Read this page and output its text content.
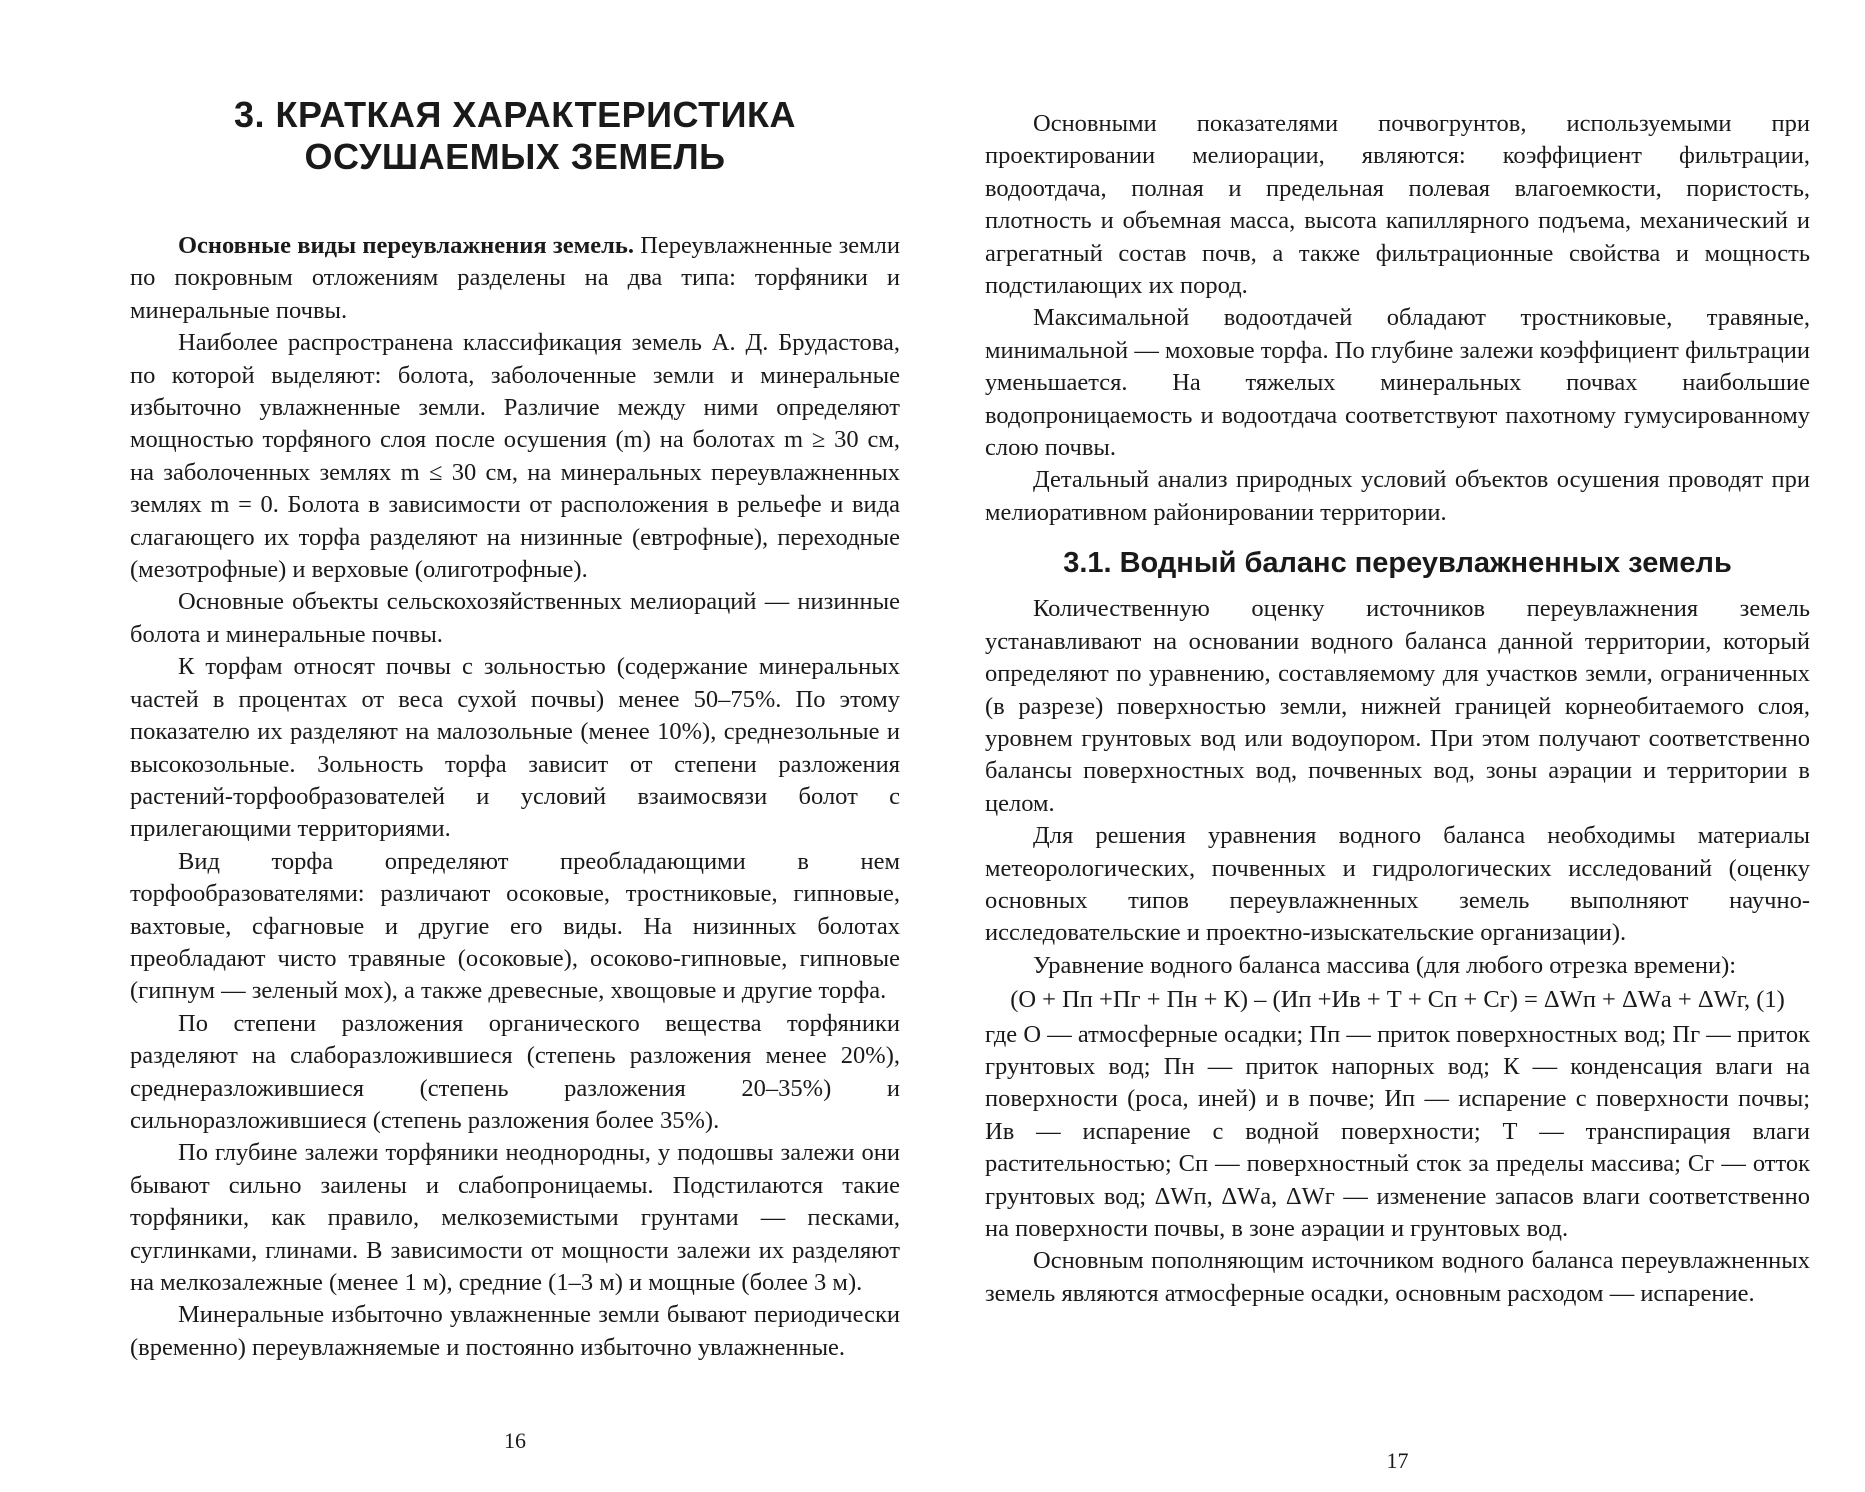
3. КРАТКАЯ ХАРАКТЕРИСТИКА
ОСУШАЕМЫХ ЗЕМЕЛЬ

Основные виды переувлажнения земель. Переувлажненные земли по покровным отложениям разделены на два типа: торфяники и минеральные почвы.

Наиболее распространена классификация земель А. Д. Брудастова, по которой выделяют: болота, заболоченные земли и минеральные избыточно увлажненные земли. Различие между ними определяют мощностью торфяного слоя после осушения (m) на болотах m ≥ 30 см, на заболоченных землях m ≤ 30 см, на минеральных переувлажненных землях m = 0. Болота в зависимости от расположения в рельефе и вида слагающего их торфа разделяют на низинные (евтрофные), переходные (мезотрофные) и верховые (олиготрофные).

Основные объекты сельскохозяйственных мелиораций — низинные болота и минеральные почвы.

К торфам относят почвы с зольностью (содержание минеральных частей в процентах от веса сухой почвы) менее 50–75%. По этому показателю их разделяют на малозольные (менее 10%), среднезольные и высокозольные. Зольность торфа зависит от степени разложения растений-торфообразователей и условий взаимосвязи болот с прилегающими территориями.

Вид торфа определяют преобладающими в нем торфообразователями: различают осоковые, тростниковые, гипновые, вахтовые, сфагновые и другие его виды. На низинных болотах преобладают чисто травяные (осоковые), осоково-гипновые, гипновые (гипнум — зеленый мох), а также древесные, хвощовые и другие торфа.

По степени разложения органического вещества торфяники разделяют на слаборазложившиеся (степень разложения менее 20%), среднеразложившиеся (степень разложения 20–35%) и сильноразложившиеся (степень разложения более 35%).

По глубине залежи торфяники неоднородны, у подошвы залежи они бывают сильно заилены и слабопроницаемы. Подстилаются такие торфяники, как правило, мелкоземистыми грунтами — песками, суглинками, глинами. В зависимости от мощности залежи их разделяют на мелкозалежные (менее 1 м), средние (1–3 м) и мощные (более 3 м).

Минеральные избыточно увлажненные земли бывают периодически (временно) переувлажняемые и постоянно избыточно увлажненные.

16

Основными показателями почвогрунтов, используемыми при проектировании мелиорации, являются: коэффициент фильтрации, водоотдача, полная и предельная полевая влагоемкости, пористость, плотность и объемная масса, высота капиллярного подъема, механический и агрегатный состав почв, а также фильтрационные свойства и мощность подстилающих их пород.

Максимальной водоотдачей обладают тростниковые, травяные, минимальной — моховые торфа. По глубине залежи коэффициент фильтрации уменьшается. На тяжелых минеральных почвах наибольшие водопроницаемость и водоотдача соответствуют пахотному гумусированному слою почвы.

Детальный анализ природных условий объектов осушения проводят при мелиоративном районировании территории.

3.1. Водный баланс переувлажненных земель

Количественную оценку источников переувлажнения земель устанавливают на основании водного баланса данной территории, который определяют по уравнению, составляемому для участков земли, ограниченных (в разрезе) поверхностью земли, нижней границей корнеобитаемого слоя, уровнем грунтовых вод или водоупором. При этом получают соответственно балансы поверхностных вод, почвенных вод, зоны аэрации и территории в целом.

Для решения уравнения водного баланса необходимы материалы метеорологических, почвенных и гидрологических исследований (оценку основных типов переувлажненных земель выполняют научно-исследовательские и проектно-изыскательские организации).

Уравнение водного баланса массива (для любого отрезка времени):

(О + Пп +Пг + Пн + К) – (Ип +Ив + Т + Сп + Сг) = ΔWп + ΔWа + ΔWг, (1)

где О — атмосферные осадки; Пп — приток поверхностных вод; Пг — приток грунтовых вод; Пн — приток напорных вод; К — конденсация влаги на поверхности (роса, иней) и в почве; Ип — испарение с поверхности почвы; Ив — испарение с водной поверхности; Т — транспирация влаги растительностью; Сп — поверхностный сток за пределы массива; Сг — отток грунтовых вод; ΔWп, ΔWа, ΔWг — изменение запасов влаги соответственно на поверхности почвы, в зоне аэрации и грунтовых вод.

Основным пополняющим источником водного баланса переувлажненных земель являются атмосферные осадки, основным расходом — испарение.

17
